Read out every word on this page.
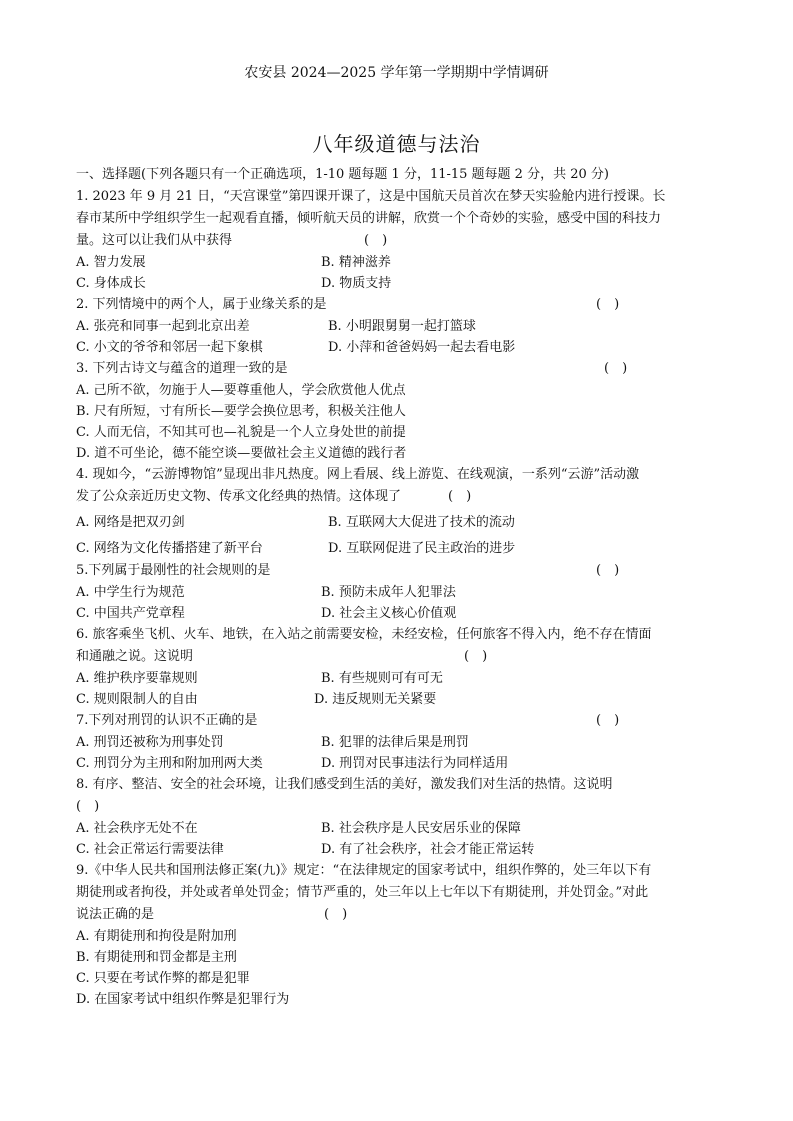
农安县 2024—2025 学年第一学期期中学情调研
八年级道德与法治
一、选择题(下列各题只有一个正确选项，1-10 题每题 1 分，11-15 题每题 2 分，共 20 分)
1. 2023 年 9 月 21 日，“天宫课堂”第四课开课了，这是中国航天员首次在梦天实验舱内进行授课。长
春市某所中学组织学生一起观看直播，倾听航天员的讲解，欣赏一个个奇妙的实验，感受中国的科技力
量。这可以让我们从中获得	(　)
A. 智力发展	B. 精神滋养
C. 身体成长	D. 物质支持
2. 下列情境中的两个人，属于业缘关系的是	(　)
A. 张亮和同事一起到北京出差	B. 小明跟舅舅一起打篮球
C. 小文的爷爷和邻居一起下象棋	D. 小萍和爸爸妈妈一起去看电影
3. 下列古诗文与蕴含的道理一致的是	(　)
A. 己所不欲，勿施于人—要尊重他人，学会欣赏他人优点
B. 尺有所短，寸有所长—要学会换位思考，积极关注他人
C. 人而无信，不知其可也—礼貌是一个人立身处世的前提
D. 道不可坐论，德不能空谈—要做社会主义道德的践行者
4. 现如今，“云游博物馆”显现出非凡热度。网上看展、线上游览、在线观演，一系列“云游”活动激
发了公众亲近历史文物、传承文化经典的热情。这体现了	(　)
A. 网络是把双刃剑	B. 互联网大大促进了技术的流动
C. 网络为文化传播搭建了新平台	D. 互联网促进了民主政治的进步
5.下列属于最刚性的社会规则的是	(　)
A. 中学生行为规范	B. 预防未成年人犯罪法
C. 中国共产党章程	D. 社会主义核心价值观
6. 旅客乘坐飞机、火车、地铁，在入站之前需要安检，未经安检，任何旅客不得入内，绝不存在情面
和通融之说。这说明	(　)
A. 维护秩序要靠规则	B. 有些规则可有可无
C. 规则限制人的自由	D. 违反规则无关紧要
7.下列对刑罚的认识不正确的是	(　)
A. 刑罚还被称为刑事处罚	B. 犯罪的法律后果是刑罚
C. 刑罚分为主刑和附加刑两大类	D. 刑罚对民事违法行为同样适用
8. 有序、整洁、安全的社会环境，让我们感受到生活的美好，激发我们对生活的热情。这说明
(　)
A. 社会秩序无处不在	B. 社会秩序是人民安居乐业的保障
C. 社会正常运行需要法律	D. 有了社会秩序，社会才能正常运转
9.《中华人民共和国刑法修正案(九)》规定：“在法律规定的国家考试中，组织作弊的，处三年以下有
期徒刑或者拘役，并处或者单处罚金；情节严重的，处三年以上七年以下有期徒刑，并处罚金。”对此
说法正确的是	(　)
A. 有期徒刑和拘役是附加刑
B. 有期徒刑和罚金都是主刑
C. 只要在考试作弊的都是犯罪
D. 在国家考试中组织作弊是犯罪行为
